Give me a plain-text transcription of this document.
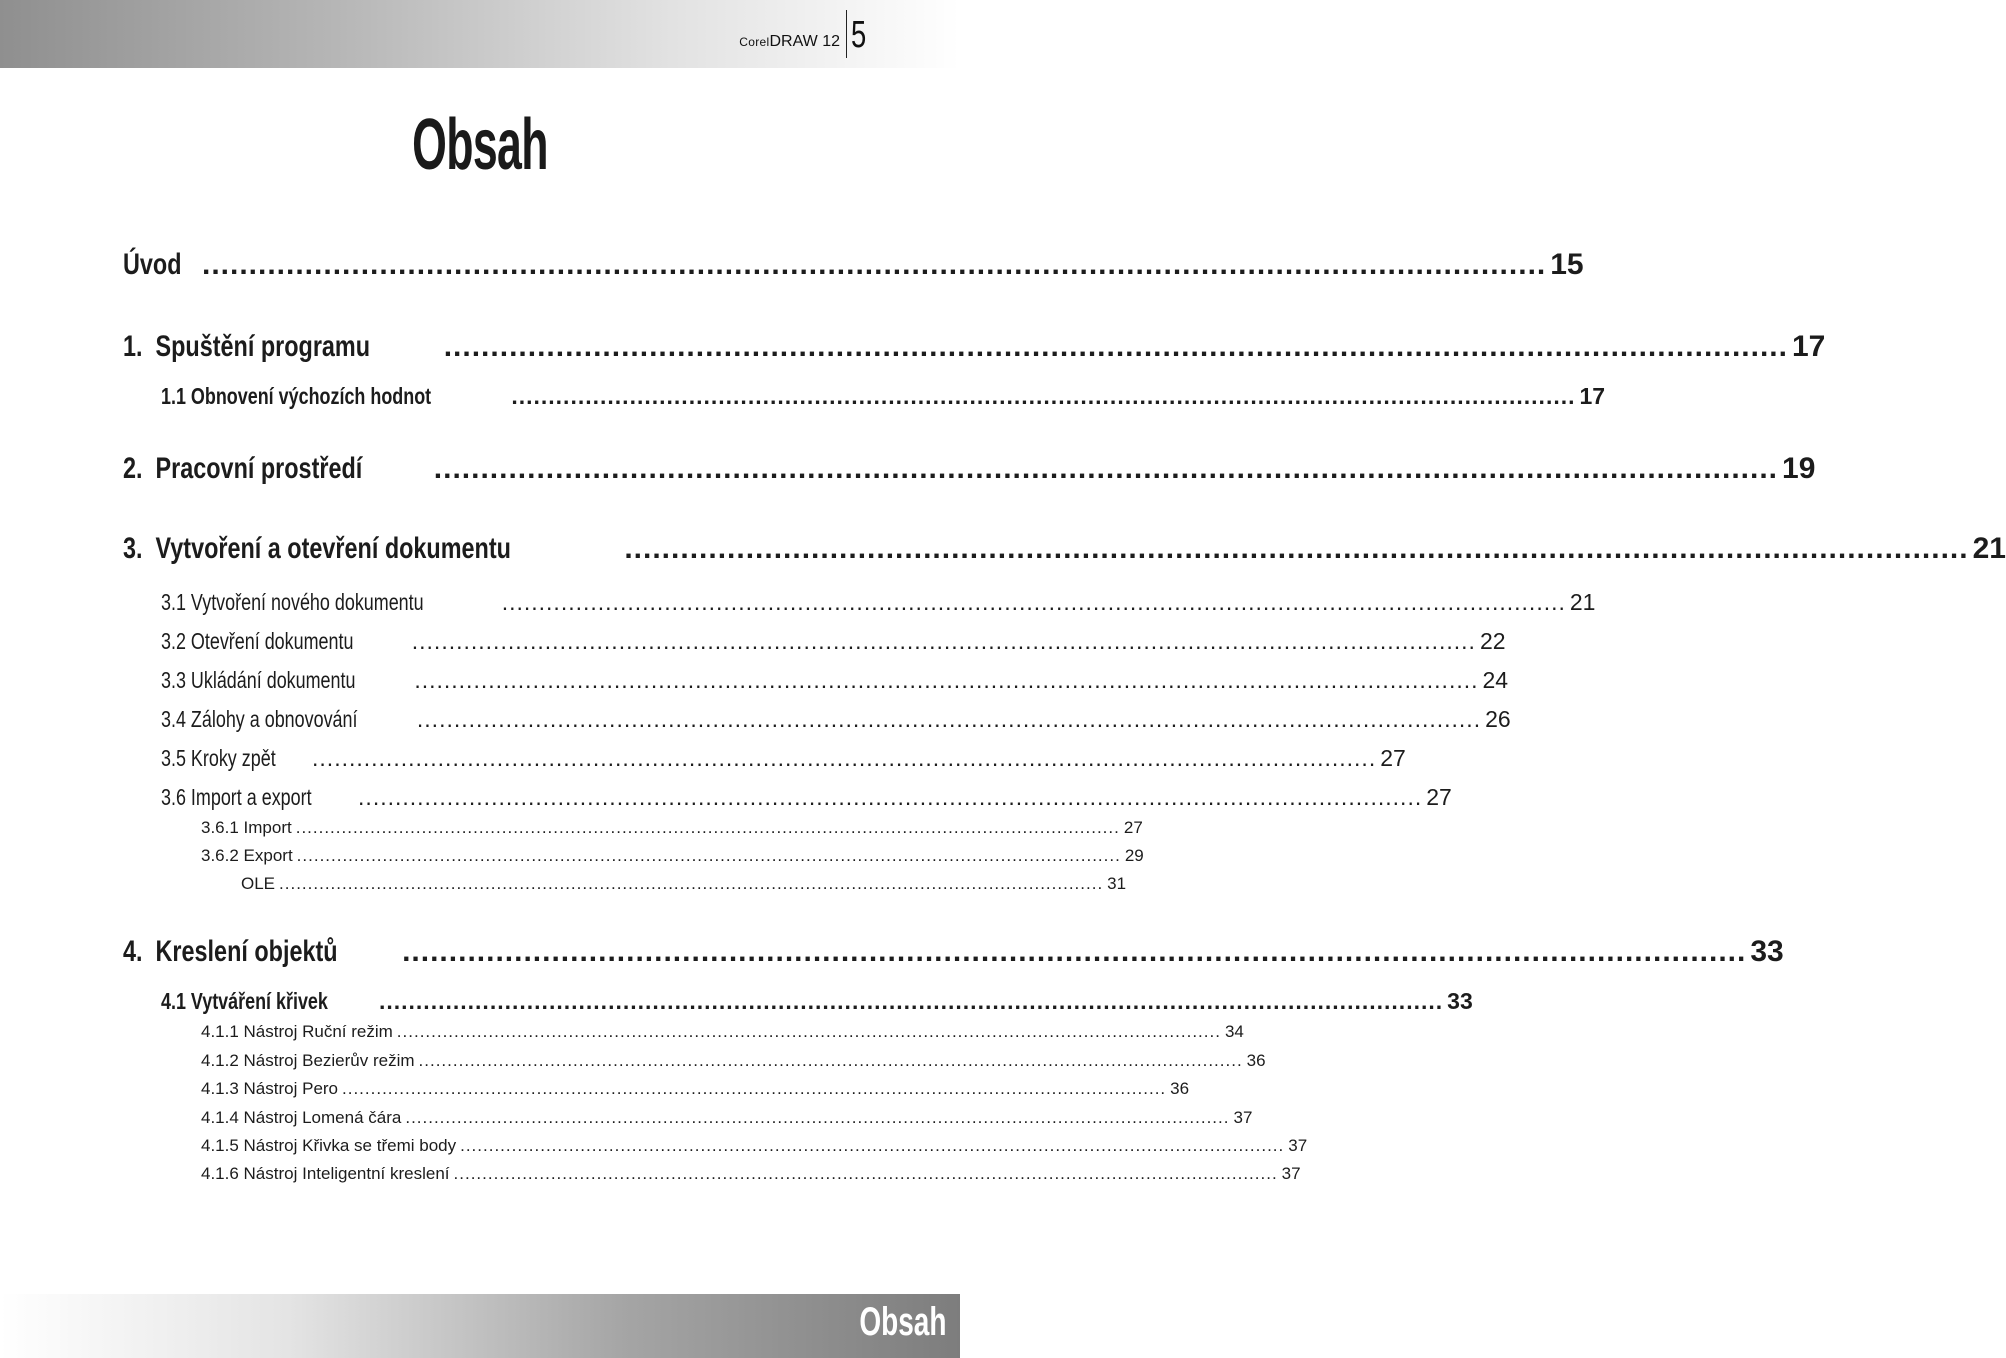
CorelDRAW 12 5
Obsah
Úvod ................................................................................................................................................ 15
1.  Spuštění programu	................................................................................................................................................ 17
1.1 Obnovení výchozích hodnot	................................................................................................................................................ 17
2.  Pracovní prostředí	................................................................................................................................................ 19
3.  Vytvoření a otevření dokumentu	................................................................................................................................................ 21
3.1 Vytvoření nového dokumentu	................................................................................................................................................ 21
3.2 Otevření dokumentu	................................................................................................................................................ 22
3.3 Ukládání dokumentu	................................................................................................................................................ 24
3.4 Zálohy a obnovování	................................................................................................................................................ 26
3.5 Kroky zpět	................................................................................................................................................ 27
3.6 Import a export	................................................................................................................................................ 27
3.6.1 Import ................................................................................................................................................ 27
3.6.2 Export ................................................................................................................................................ 29
OLE ................................................................................................................................................ 31
4.  Kreslení objektů	................................................................................................................................................ 33
4.1 Vytváření křivek	................................................................................................................................................ 33
4.1.1 Nástroj Ruční režim ................................................................................................................................................ 34
4.1.2 Nástroj Bezierův režim ................................................................................................................................................ 36
4.1.3 Nástroj Pero ................................................................................................................................................ 36
4.1.4 Nástroj Lomená čára ................................................................................................................................................ 37
4.1.5 Nástroj Křivka se třemi body ................................................................................................................................................ 37
4.1.6 Nástroj Inteligentní kreslení ................................................................................................................................................ 37
Obsah
